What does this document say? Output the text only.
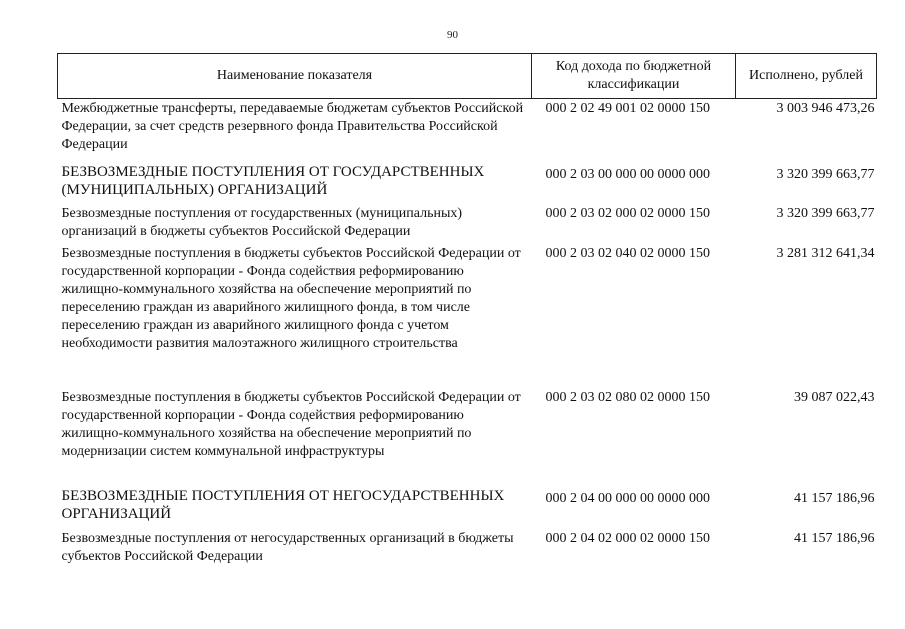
90
Наименование показателя	Код дохода по бюджетной классификации	Исполнено, рублей
Межбюджетные трансферты, передаваемые бюджетам субъектов Российской Федерации, за счет средств резервного фонда Правительства Российской Федерации	000 2 02 49 001 02 0000 150	3 003 946 473,26
БЕЗВОЗМЕЗДНЫЕ ПОСТУПЛЕНИЯ ОТ ГОСУДАРСТВЕННЫХ (МУНИЦИПАЛЬНЫХ) ОРГАНИЗАЦИЙ	000 2 03 00 000 00 0000 000	3 320 399 663,77
Безвозмездные поступления от государственных (муниципальных) организаций в бюджеты субъектов Российской Федерации	000 2 03 02 000 02 0000 150	3 320 399 663,77
Безвозмездные поступления в бюджеты субъектов Российской Федерации от государственной корпорации - Фонда содействия реформированию жилищно-коммунального хозяйства на обеспечение мероприятий по переселению граждан из аварийного жилищного фонда, в том числе переселению граждан из аварийного жилищного фонда с учетом необходимости развития малоэтажного жилищного строительства	000 2 03 02 040 02 0000 150	3 281 312 641,34
Безвозмездные поступления в бюджеты субъектов Российской Федерации от государственной корпорации - Фонда содействия реформированию жилищно-коммунального хозяйства на обеспечение мероприятий по модернизации систем коммунальной инфраструктуры	000 2 03 02 080 02 0000 150	39 087 022,43
БЕЗВОЗМЕЗДНЫЕ ПОСТУПЛЕНИЯ ОТ НЕГОСУДАРСТВЕННЫХ ОРГАНИЗАЦИЙ	000 2 04 00 000 00 0000 000	41 157 186,96
Безвозмездные поступления от негосударственных организаций в бюджеты субъектов Российской Федерации	000 2 04 02 000 02 0000 150	41 157 186,96
